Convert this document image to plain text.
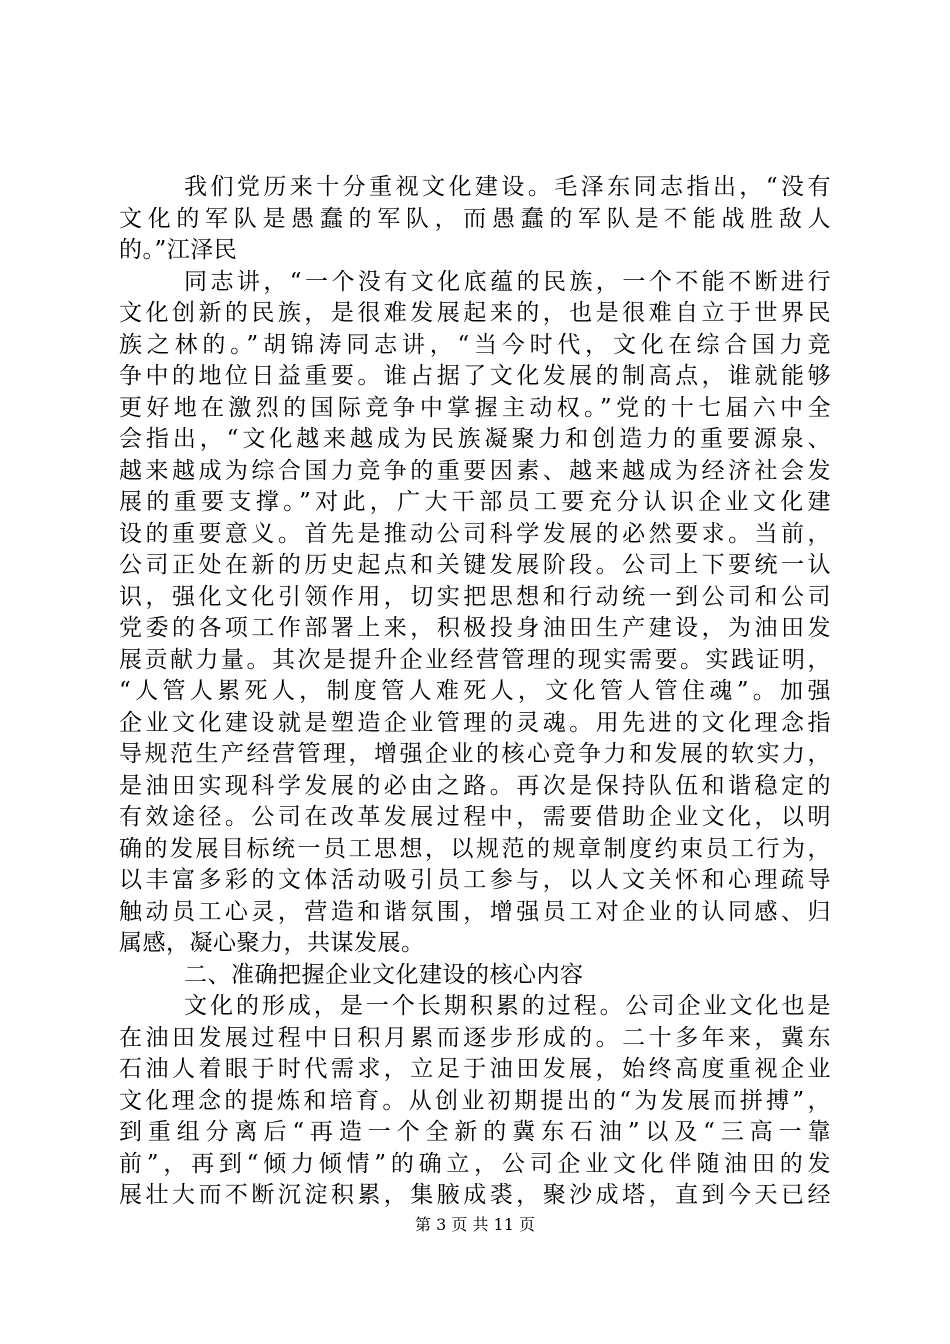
我们党历来十分重视文化建设。毛泽东同志指出，“没有
文化的军队是愚蠢的军队，而愚蠢的军队是不能战胜敌人
的。”江泽民
同志讲，“一个没有文化底蕴的民族，一个不能不断进行
文化创新的民族，是很难发展起来的，也是很难自立于世界民
族之林的。”胡锦涛同志讲，“当今时代，文化在综合国力竞
争中的地位日益重要。谁占据了文化发展的制高点，谁就能够
更好地在激烈的国际竞争中掌握主动权。”党的十七届六中全
会指出，“文化越来越成为民族凝聚力和创造力的重要源泉、
越来越成为综合国力竞争的重要因素、越来越成为经济社会发
展的重要支撑。”对此，广大干部员工要充分认识企业文化建
设的重要意义。首先是推动公司科学发展的必然要求。当前，
公司正处在新的历史起点和关键发展阶段。公司上下要统一认
识，强化文化引领作用，切实把思想和行动统一到公司和公司
党委的各项工作部署上来，积极投身油田生产建设，为油田发
展贡献力量。其次是提升企业经营管理的现实需要。实践证明，
“人管人累死人，制度管人难死人，文化管人管住魂”。加强
企业文化建设就是塑造企业管理的灵魂。用先进的文化理念指
导规范生产经营管理，增强企业的核心竞争力和发展的软实力，
是油田实现科学发展的必由之路。再次是保持队伍和谐稳定的
有效途径。公司在改革发展过程中，需要借助企业文化，以明
确的发展目标统一员工思想，以规范的规章制度约束员工行为，
以丰富多彩的文体活动吸引员工参与，以人文关怀和心理疏导
触动员工心灵，营造和谐氛围，增强员工对企业的认同感、归
属感，凝心聚力，共谋发展。
二、准确把握企业文化建设的核心内容
文化的形成，是一个长期积累的过程。公司企业文化也是
在油田发展过程中日积月累而逐步形成的。二十多年来，冀东
石油人着眼于时代需求，立足于油田发展，始终高度重视企业
文化理念的提炼和培育。从创业初期提出的“为发展而拼搏”，
到重组分离后“再造一个全新的冀东石油”以及“三高一靠
前”，再到“倾力倾情”的确立，公司企业文化伴随油田的发
展壮大而不断沉淀积累，集腋成裘，聚沙成塔，直到今天已经
第 3 页 共 11 页
